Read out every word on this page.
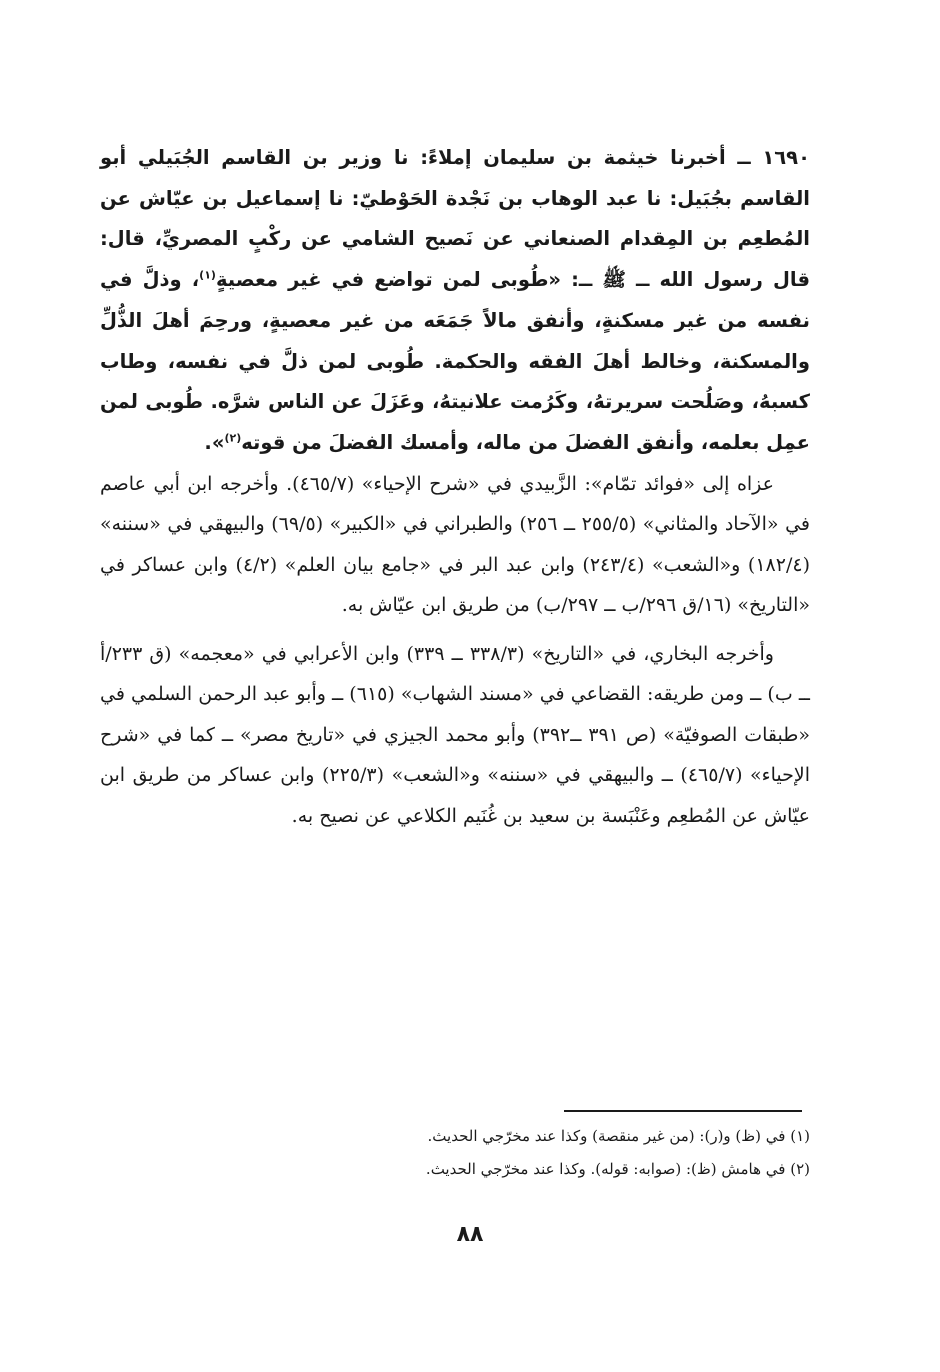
١٦٩٠ ــ أخبرنا خيثمة بن سليمان إملاءً: نا وزير بن القاسم الجُبَيلي أبو القاسم بجُبَيل: نا عبد الوهاب بن نَجْدة الحَوْطيّ: نا إسماعيل بن عيّاش عن المُطعِم بن المِقدام الصنعاني عن نَصيح الشامي عن ركْبٍ المصريِّ، قال: قال رسول الله ــ ﷺ ــ: «طُوبى لمن تواضع في غير معصيةٍ$^{(١)}$، وذلَّ في نفسه من غير مسكنةٍ، وأنفق مالاً جَمَعَه من غير معصيةٍ، ورحِمَ أهلَ الذُّلِّ والمسكنة، وخالط أهلَ الفقه والحكمة. طُوبى لمن ذلَّ في نفسه، وطاب كسبهُ، وصَلُحت سريرتهُ، وكَرُمت علانيتهُ، وعَزَلَ عن الناس شرَّه. طُوبى لمن عمِل بعلمه، وأنفق الفضلَ من ماله، وأمسك الفضلَ من قوته$^{(٢)}$».

عزاه إلى «فوائد تمّام»: الزَّبيدي في «شرح الإحياء» (٤٦٥/٧). وأخرجه ابن أبي عاصم في «الآحاد والمثاني» (٢٥٥/٥ ــ ٢٥٦) والطبراني في «الكبير» (٦٩/٥) والبيهقي في «سننه» (١٨٢/٤) و«الشعب» (٢٤٣/٤) وابن عبد البر في «جامع بيان العلم» (٤/٢) وابن عساكر في «التاريخ» (١٦/ق ٢٩٦/ب ــ ٢٩٧/ب) من طريق ابن عيّاش به.

وأخرجه البخاري، في «التاريخ» (٣٣٨/٣ ــ ٣٣٩) وابن الأعرابي في «معجمه» (ق ٢٣٣/أ ــ ب) ــ ومن طريقه: القضاعي في «مسند الشهاب» (٦١٥) ــ وأبو عبد الرحمن السلمي في «طبقات الصوفيّة» (ص ٣٩١ ــ٣٩٢) وأبو محمد الجيزي في «تاريخ مصر» ــ كما في «شرح الإحياء» (٤٦٥/٧) ــ والبيهقي في «سننه» و«الشعب» (٢٢٥/٣) وابن عساكر من طريق ابن عيّاش عن المُطعِم وعَنْبَسة بن سعيد بن غُنَيم الكلاعي عن نصيح به.

(١) في (ظ) و(ر): (من غير منقصة) وكذا عند مخرّجي الحديث.

(٢) في هامش (ظ): (صوابه: قوله). وكذا عند مخرّجي الحديث.

٨٨
